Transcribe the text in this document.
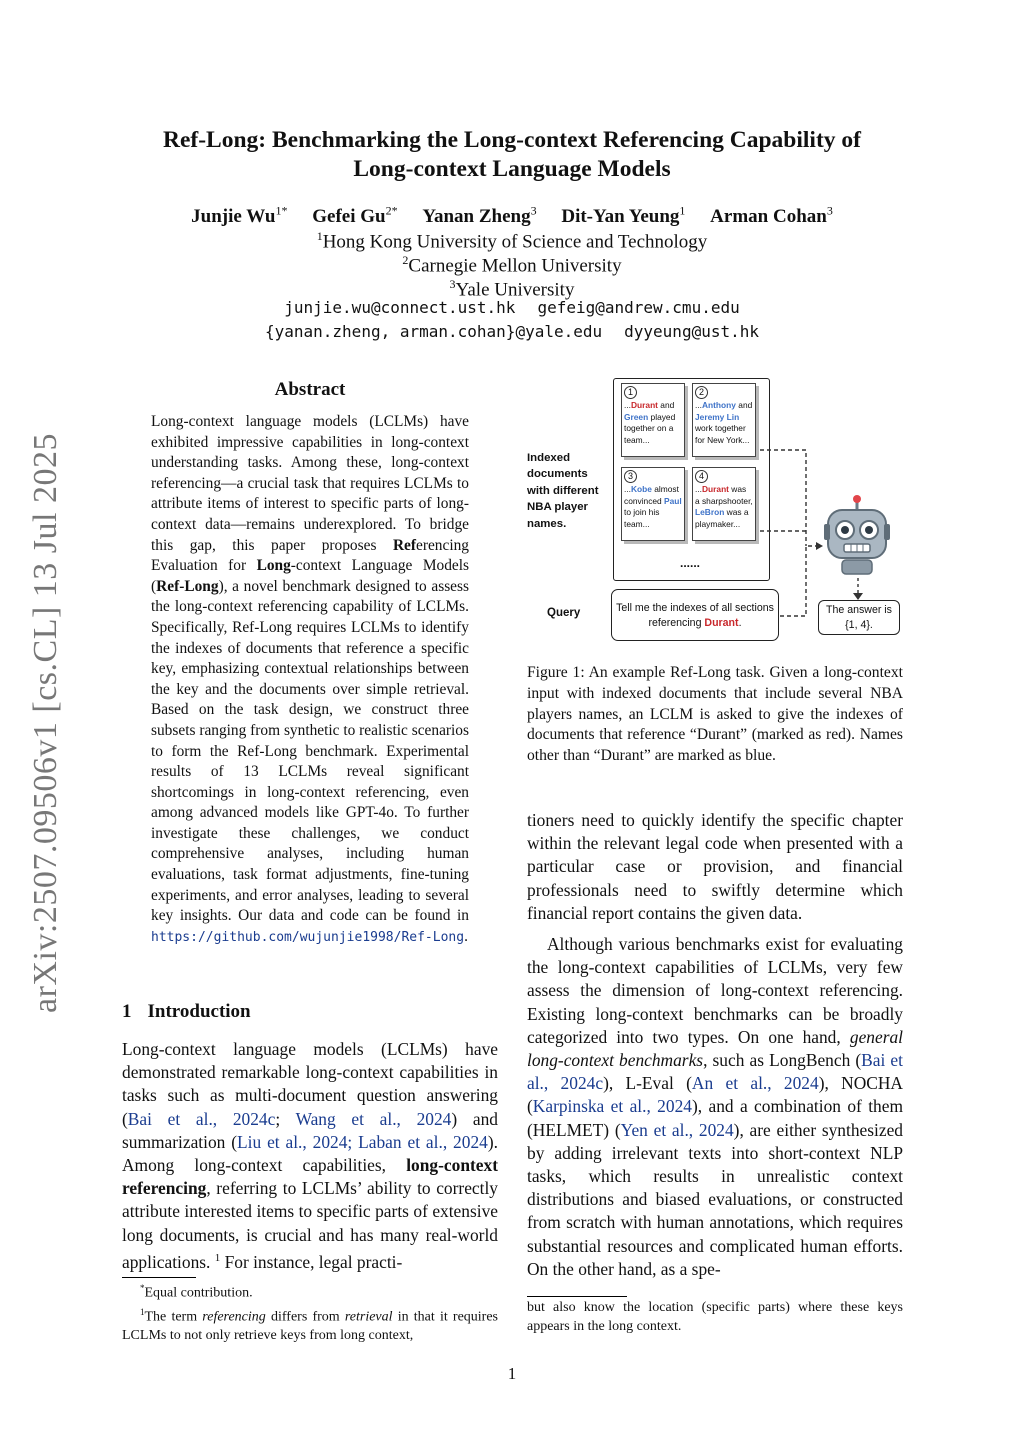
Ref-Long: Benchmarking the Long-context Referencing Capability of
Long-context Language Models
Junjie $Wu^{1*}$ Gefei $Gu^{2*}$ Yanan Zheng$^3$ Dit-Yan Yeung$^1$ Arman Cohan$^3$
$^1$Hong Kong University of Science and Technology
$^2$Carnegie Mellon University
$^3$Yale University
junjie.wu@connect.ust.hk gefeig@andrew.cmu.edu
{yanan.zheng, arman.cohan}@yale.edu dyyeung@ust.hk
arXiv:2507.09506v1 [cs.CL] 13 Jul 2025
Abstract
Long-context language models (LCLMs) have exhibited impressive capabilities in long-context understanding tasks. Among these, long-context referencing—a crucial task that requires LCLMs to attribute items of interest to specific parts of long-context data—remains underexplored. To bridge this gap, this paper proposes Referencing Evaluation for Long-context Language Models (Ref-Long), a novel benchmark designed to assess the long-context referencing capability of LCLMs. Specifically, Ref-Long requires LCLMs to identify the indexes of documents that reference a specific key, emphasizing contextual relationships between the key and the documents over simple retrieval. Based on the task design, we construct three subsets ranging from synthetic to realistic scenarios to form the Ref-Long benchmark. Experimental results of 13 LCLMs reveal significant shortcomings in long-context referencing, even among advanced models like GPT-4o. To further investigate these challenges, we conduct comprehensive analyses, including human evaluations, task format adjustments, fine-tuning experiments, and error analyses, leading to several key insights. Our data and code can be found in https://github.com/wujunjie1998/Ref-Long.
1 Introduction

Long-context language models (LCLMs) have demonstrated remarkable long-context capabilities in tasks such as multi-document question answering (Bai et al., 2024c; Wang et al., 2024) and summarization (Liu et al., 2024; Laban et al., 2024). Among long-context capabilities, long-context referencing, referring to LCLMs’ ability to correctly attribute interested items to specific parts of extensive long documents, is crucial and has many real-world applications. $^1$ For instance, legal practi-

*Equal contribution.
$^1$The term referencing differs from retrieval in that it requires LCLMs to not only retrieve keys from long context,
1
...Durant and Green played together on a team...
2
...Anthony and Jeremy Lin work together for New York...
3
...Kobe almost convinced Paul to join his team...
4
...Durant was a sharpshooter, LeBron was a playmaker...
......
Indexed documents with different NBA player names.
Query	Tell me the indexes of all sections referencing Durant.
The answer is {1, 4}.
Figure 1: An example Ref-Long task. Given a long-context input with indexed documents that include several NBA players names, an LCLM is asked to give the indexes of documents that reference “Durant” (marked as red). Names other than “Durant” are marked as blue.

tioners need to quickly identify the specific chapter within the relevant legal code when presented with a particular case or provision, and financial professionals need to swiftly determine which financial report contains the given data.

Although various benchmarks exist for evaluating the long-context capabilities of LCLMs, very few assess the dimension of long-context referencing. Existing long-context benchmarks can be broadly categorized into two types. On one hand, general long-context benchmarks, such as LongBench (Bai et al., 2024c), L-Eval (An et al., 2024), NOCHA (Karpinska et al., 2024), and a combination of them (HELMET) (Yen et al., 2024), are either synthesized by adding irrelevant texts into short-context NLP tasks, which results in unrealistic context distributions and biased evaluations, or constructed from scratch with human annotations, which requires substantial resources and complicated human efforts. On the other hand, as a spe-

but also know the location (specific parts) where these keys appears in the long context.
1
